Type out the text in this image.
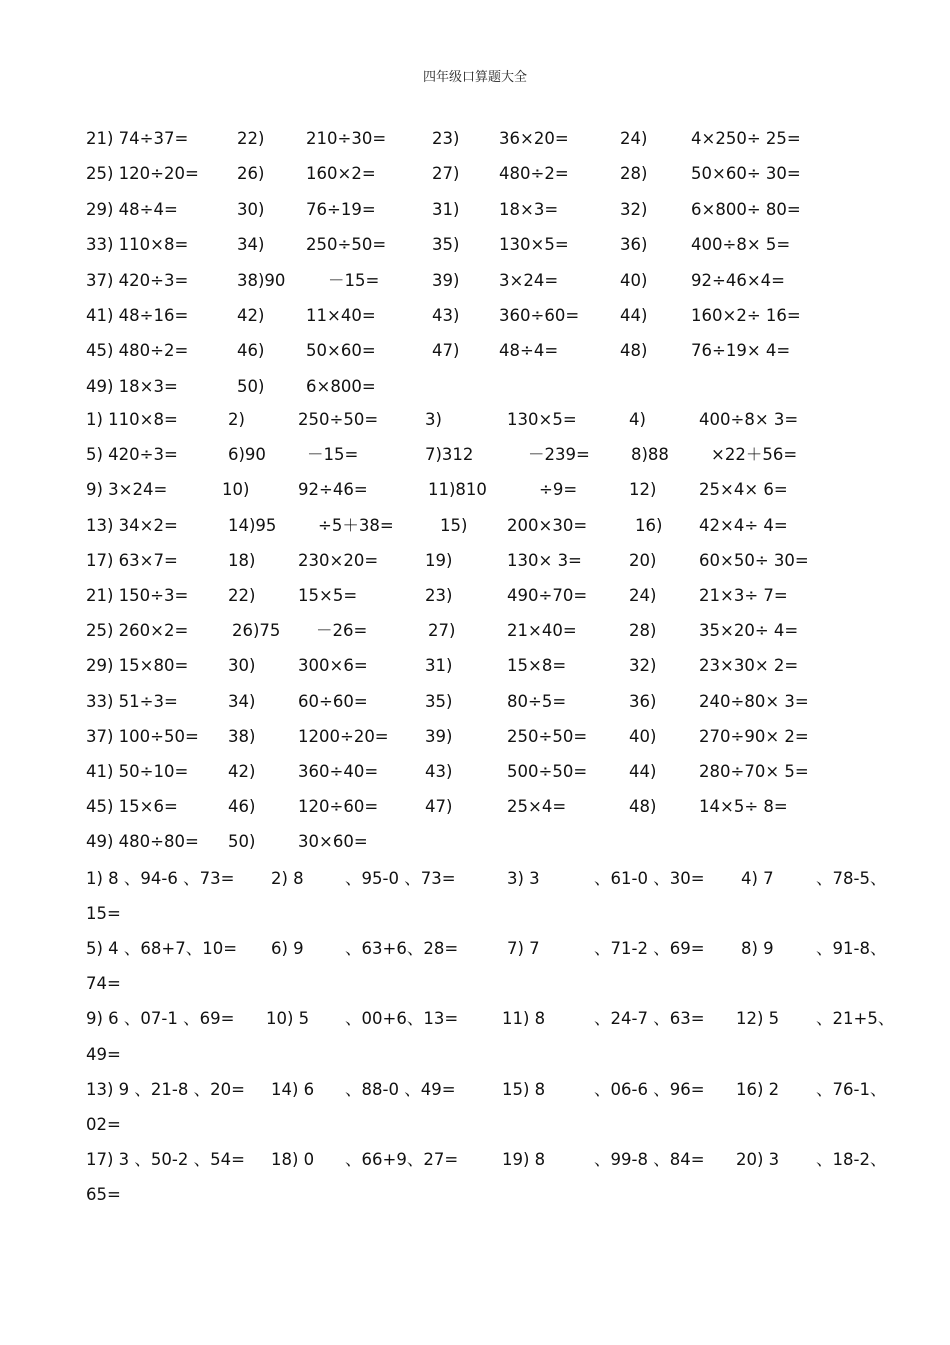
四年级口算题大全
21) 74÷37=	22)	210÷30=	23) 36×20=	24)	4×250÷ 25=
25) 120÷20= 26)	160×2=	27) 480÷2=	28)	50×60÷ 30=
29) 48÷4=	30)	76÷19=	31) 18×3=	32)	6×800÷ 80=
33) 110×8=	34)	250÷50=	35) 130×5=	36)	400÷8× 5=
37) 420÷3=	38)90	－15=	39) 3×24=	40)	92÷46×4=
41) 48÷16=	42)	11×40=	43) 360÷60= 44)	160×2÷ 16=
45) 480÷2=	46)	50×60=	47) 48÷4=	48)	76÷19× 4=
49) 18×3=	50)	6×800=
1) 110×8=	2)	250÷50=	3)	130×5=	4)	400÷8× 3=
5) 420÷3=	6)90 －15=	7)312	－239= 8)88	×22＋56=
9) 3×24=	10)	92÷46=	11)810	÷9=	12)	25×4× 6=
13) 34×2=	14)95	÷5＋38=	15) 200×30=	16) 42×4÷ 4=
17) 63×7=	18)	230×20=	19)	130× 3=	20)	60×50÷ 30=
21) 150÷3= 22)	15×5=	23)	490÷70=	24)	21×3÷ 7=
25) 260×2=	26)75 －26=	27)	21×40=	28)	35×20÷ 4=
29) 15×80= 30)	300×6=	31)	15×8=	32)	23×30× 2=
33) 51÷3=	34)	60÷60=	35)	80÷5=	36)	240÷80× 3=
37) 100÷50= 38)	1200÷20= 39)	250÷50=	40)	270÷90× 2=
41) 50÷10= 42)	360÷40=	43)	500÷50=	44)	280÷70× 5=
45) 15×6=	46)	120÷60=	47)	25×4=	48)	14×5÷ 8=
49) 480÷80= 50)	30×60=
1) 8 、94-6 、73= 2) 8	、95-0 、73=	3) 3	、61-0 、30= 4) 7	、78-5、
15=
5) 4 、68+7、10= 6) 9	、63+6、28=	7) 7	、71-2 、69= 8) 9	、91-8、
74=
9) 6 、07-1 、69= 10) 5 、00+6、13=	11) 8	、24-7 、63= 12) 5 、21+5、
49=
13) 9 、21-8 、20= 14) 6 、88-0 、49=	15) 8	、06-6 、96= 16) 2 、76-1、
02=
17) 3 、50-2 、54= 18) 0 、66+9、27=	19) 8	、99-8 、84= 20) 3 、18-2、
65=
